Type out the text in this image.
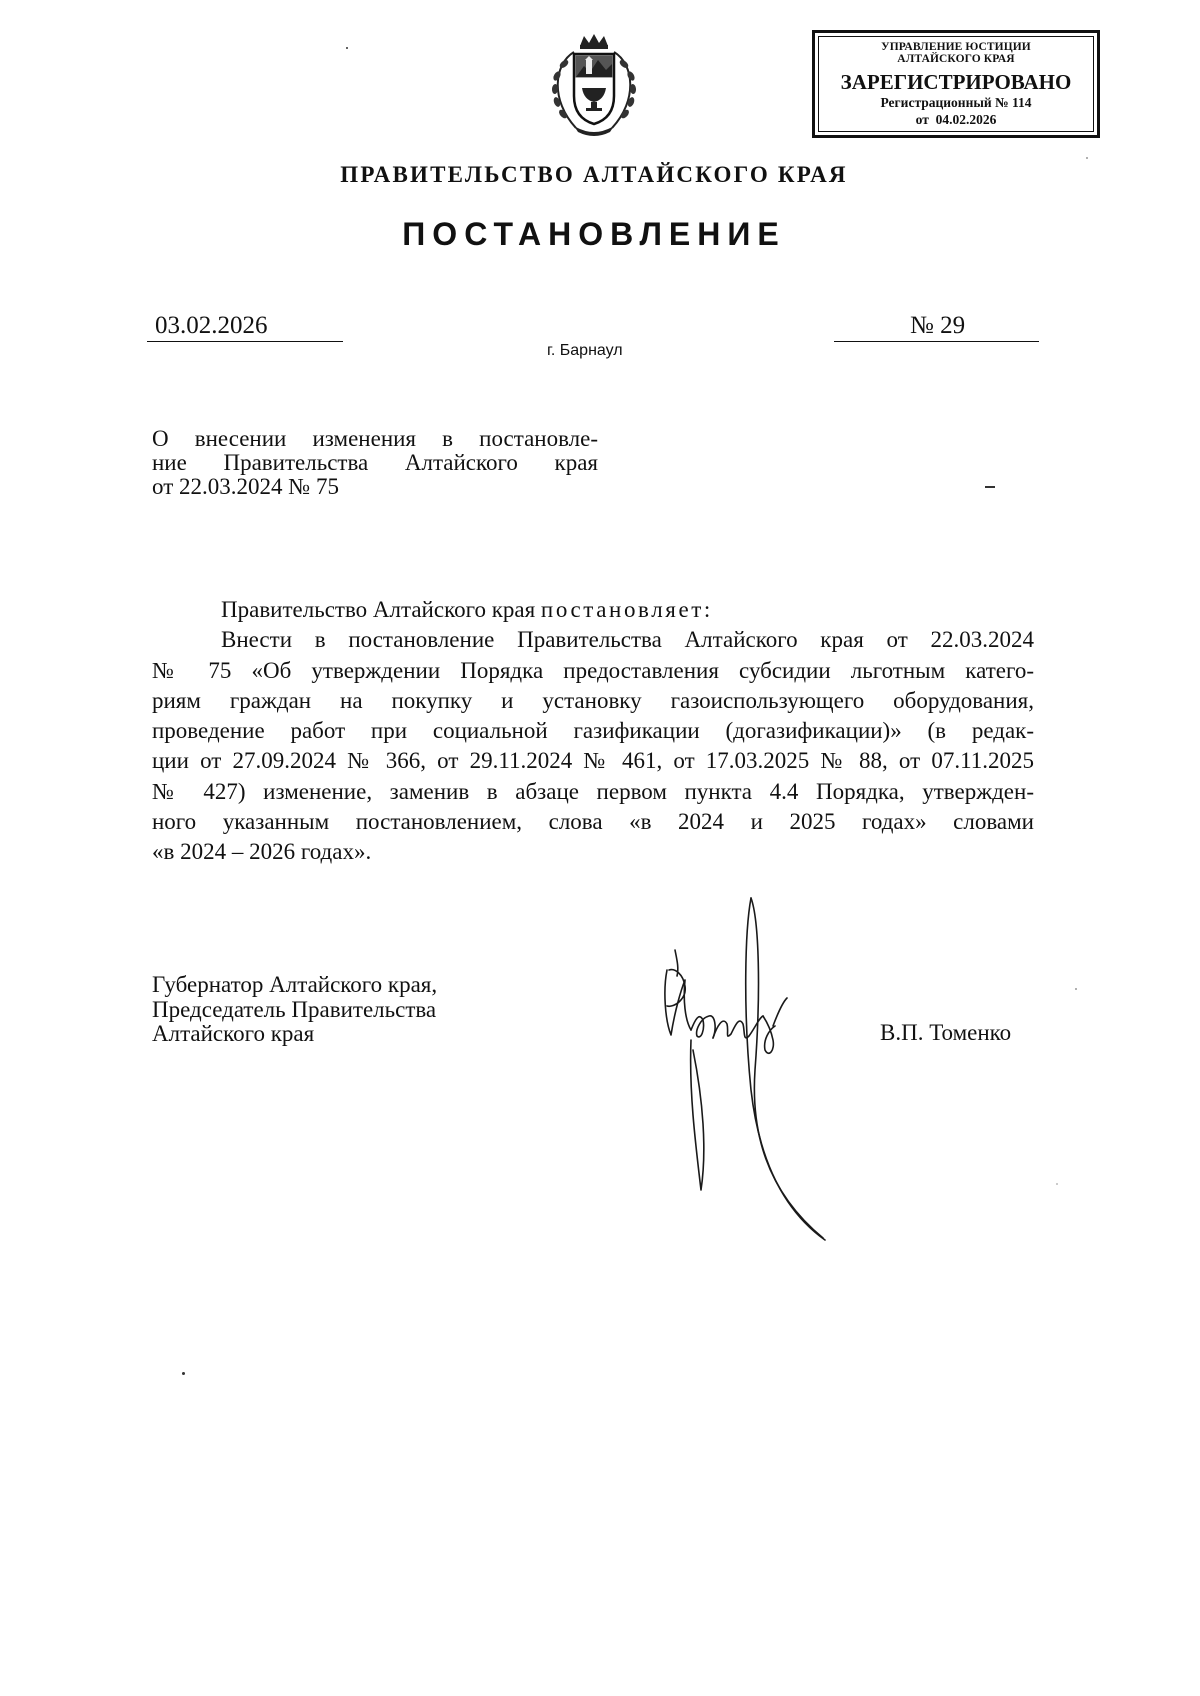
УПРАВЛЕНИЕ ЮСТИЦИИ
АЛТАЙСКОГО КРАЯ
ЗАРЕГИСТРИРОВАНО
Регистрационный № 114
от  04.02.2026
ПРАВИТЕЛЬСТВО АЛТАЙСКОГО КРАЯ
ПОСТАНОВЛЕНИЕ
03.02.2026	№ 29
г. Барнаул
О внесении изменения в постановле-
ние Правительства Алтайского края
от 22.03.2024 № 75
Правительство Алтайского края постановляет:
Внести в постановление Правительства Алтайского края от 22.03.2024
№ 75 «Об утверждении Порядка предоставления субсидии льготным катего-
риям граждан на покупку и установку газоиспользующего оборудования,
проведение работ при социальной газификации (догазификации)» (в редак-
ции от 27.09.2024 № 366, от 29.11.2024 № 461, от 17.03.2025 № 88, от 07.11.2025
№ 427) изменение, заменив в абзаце первом пункта 4.4 Порядка, утвержден-
ного указанным постановлением, слова «в 2024 и 2025 годах» словами
«в 2024 – 2026 годах».
Губернатор Алтайского края,
Председатель Правительства
Алтайского края	В.П. Томенко
